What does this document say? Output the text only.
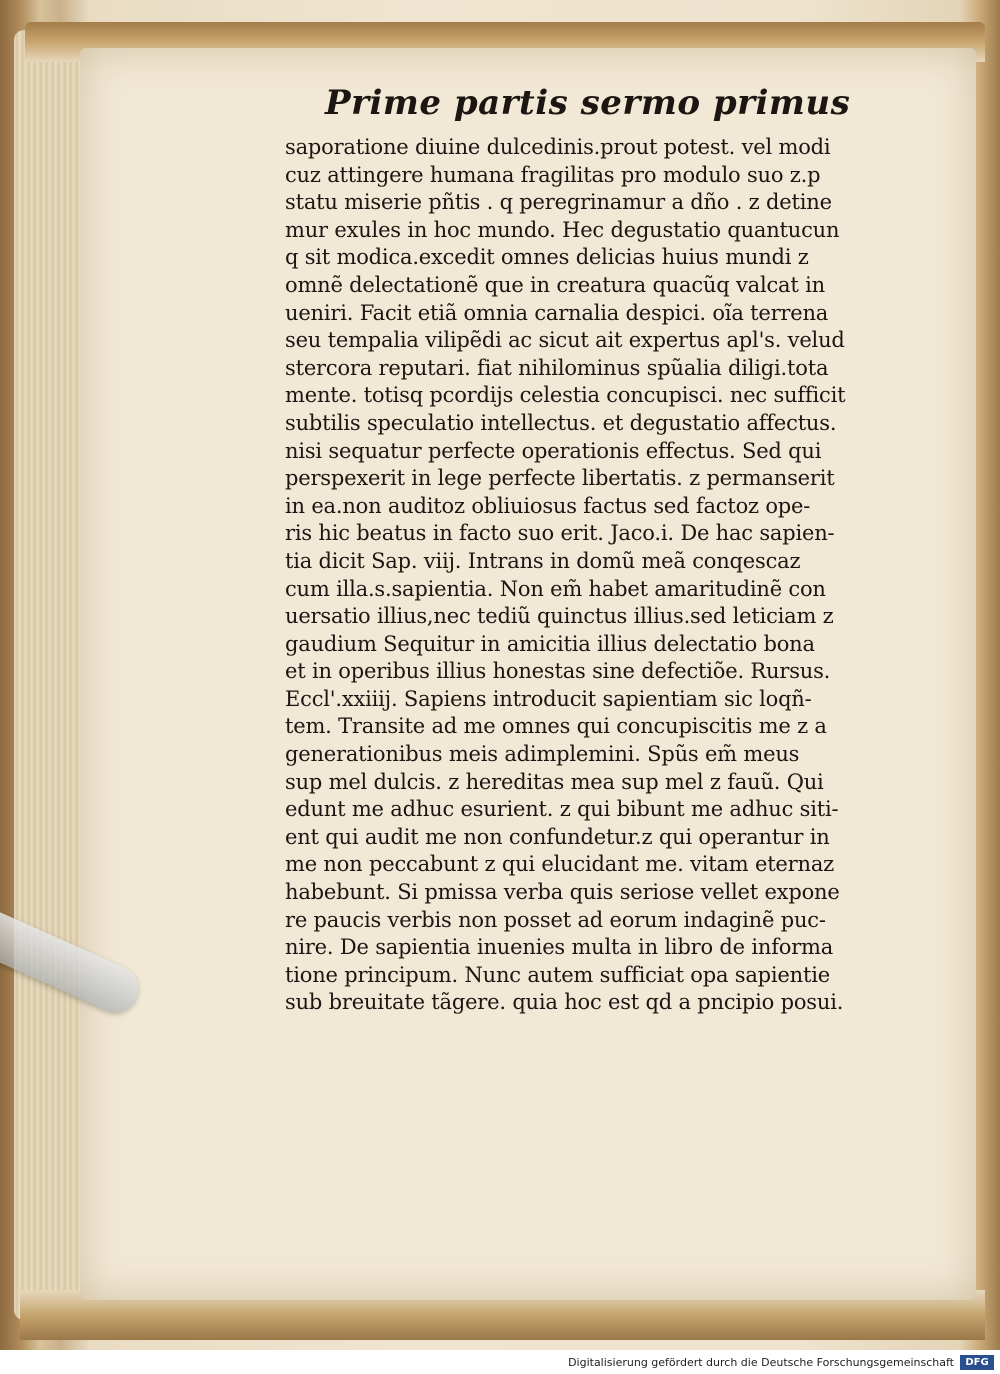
Prime partis sermo primus
saporatione diuine dulcedinis.prout potest. vel modi
cuz attingere humana fragilitas pro modulo suo z.p
statu miserie pñtis . q peregrinamur a dño . z detine
mur exules in hoc mundo. Hec degustatio quantucun
q sit modica.excedit omnes delicias huius mundi z
omnẽ delectationẽ que in creatura quacũq valcat in
ueniri. Facit etiã omnia carnalia despici. oĩa terrena
seu tempalia vilipẽdi ac sicut ait expertus apl's. velud
stercora reputari. fiat nihilominus spũalia diligi.tota
mente. totisq pcordijs celestia concupisci. nec sufficit
subtilis speculatio intellectus. et degustatio affectus.
nisi sequatur perfecte operationis effectus. Sed qui
perspexerit in lege perfecte libertatis. z permanserit
in ea.non auditoz obliuiosus factus sed factoz ope-
ris hic beatus in facto suo erit. Jaco.i. De hac sapien-
tia dicit Sap. viij. Intrans in domũ meã conqescaz
cum illa.s.sapientia. Non em̃ habet amaritudinẽ con
uersatio illius,nec tediũ quinctus illius.sed leticiam z
gaudium Sequitur in amicitia illius delectatio bona
et in operibus illius honestas sine defectiõe. Rursus.
Eccl'.xxiiij. Sapiens introducit sapientiam sic loqñ-
tem. Transite ad me omnes qui concupiscitis me z a
generationibus meis adimplemini. Spũs em̃ meus
sup mel dulcis. z hereditas mea sup mel z fauũ. Qui
edunt me adhuc esurient. z qui bibunt me adhuc siti-
ent qui audit me non confundetur.z qui operantur in
me non peccabunt z qui elucidant me. vitam eternaz
habebunt. Si pmissa verba quis seriose vellet expone
re paucis verbis non posset ad eorum indaginẽ puc-
nire. De sapientia inuenies multa in libro de informa
tione principum. Nunc autem sufficiat opa sapientie
sub breuitate tãgere. quia hoc est qd a pncipio posui.
Digitalisierung gefördert durch die Deutsche Forschungsgemeinschaft	DFG
